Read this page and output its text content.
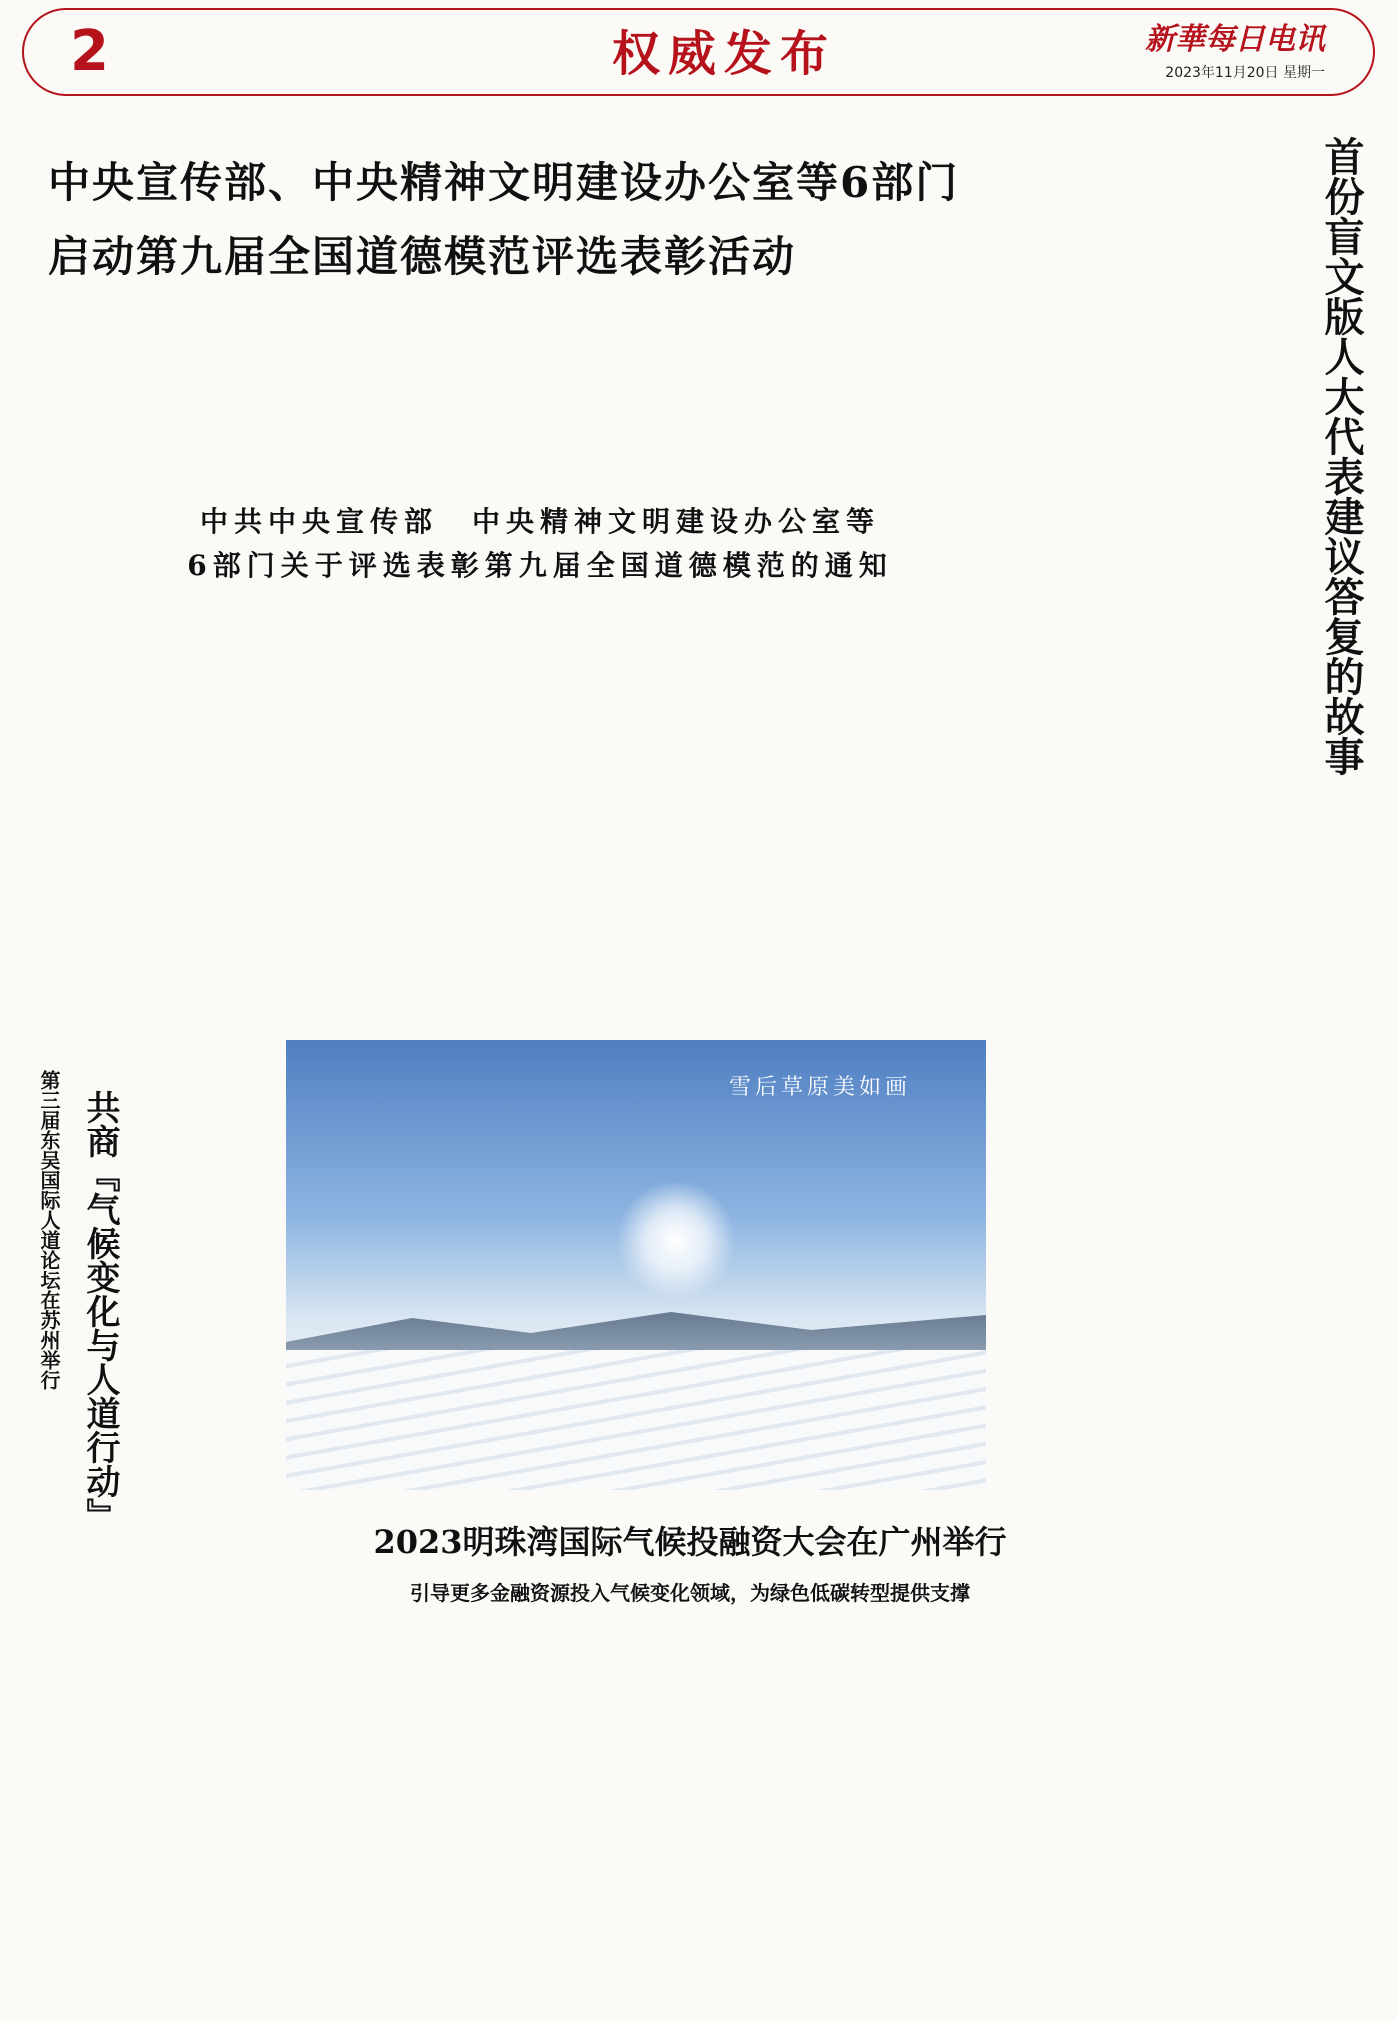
2	权威发布	新華每日电讯
2023年11月20日 星期一
中央宣传部、中央精神文明建设办公室等6部门
启动第九届全国道德模范评选表彰活动
中共中央宣传部　中央精神文明建设办公室等
6部门关于评选表彰第九届全国道德模范的通知	首份盲文版人大代表建议答复的故事
第三届东吴国际人道论坛在苏州举行 共商『气候变化与人道行动』
雪后草原美如画
2023明珠湾国际气候投融资大会在广州举行
引导更多金融资源投入气候变化领域，为绿色低碳转型提供支撑
